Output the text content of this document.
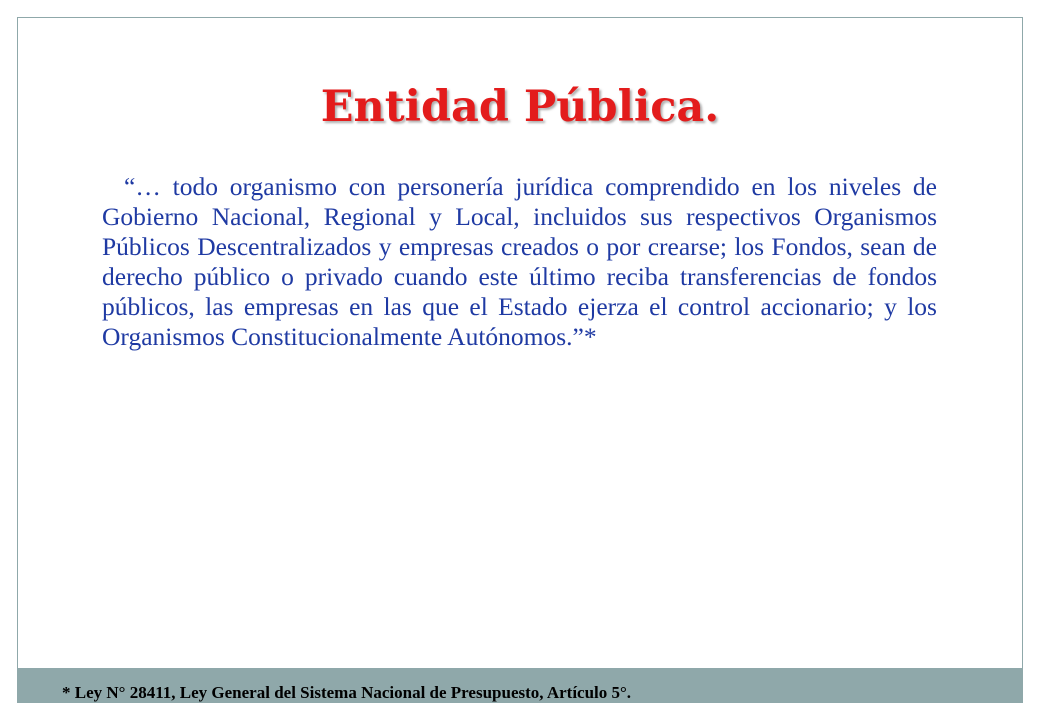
Entidad Pública.

“… todo organismo con personería jurídica comprendido en los niveles de Gobierno Nacional, Regional y Local, incluidos sus respectivos Organismos Públicos Descentralizados y empresas creados o por crearse; los Fondos, sean de derecho público o privado cuando este último reciba transferencias de fondos públicos, las empresas en las que el Estado ejerza el control accionario; y los Organismos Constitucionalmente Autónomos.”*

* Ley N° 28411, Ley General del Sistema Nacional de Presupuesto, Artículo 5°.
